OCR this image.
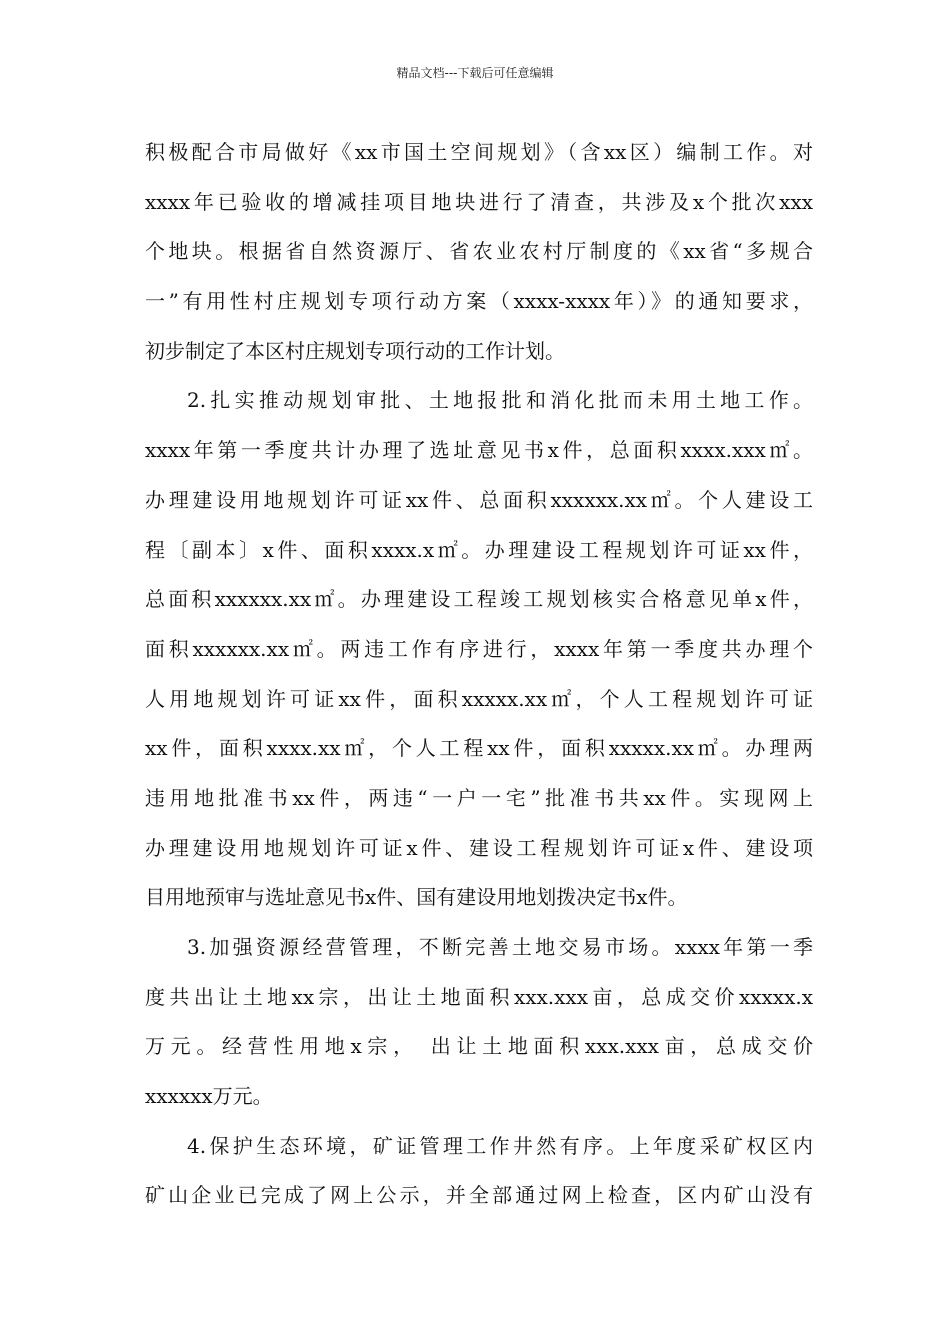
精品文档---下载后可任意编辑
积极配合市局做好《xx市国土空间规划》（含xx区）编制工作。对
xxxx年已验收的增减挂项目地块进行了清查，共涉及x个批次xxx
个地块。根据省自然资源厅、省农业农村厅制度的《xx省“多规合
一”有用性村庄规划专项行动方案（xxxx-xxxx年）》的通知要求，
初步制定了本区村庄规划专项行动的工作计划。
2.扎实推动规划审批、土地报批和消化批而未用土地工作。
xxxx年第一季度共计办理了选址意见书x件，总面积xxxx.xxx㎡。
办理建设用地规划许可证xx件、总面积xxxxxx.xx㎡。个人建设工
程〔副本〕x件、面积xxxx.x㎡。办理建设工程规划许可证xx件，
总面积xxxxxx.xx㎡。办理建设工程竣工规划核实合格意见单x件，
面积xxxxxx.xx㎡。两违工作有序进行，xxxx年第一季度共办理个
人用地规划许可证xx件，面积xxxxx.xx㎡，个人工程规划许可证
xx件，面积xxxx.xx㎡，个人工程xx件，面积xxxxx.xx㎡。办理两
违用地批准书xx件，两违“一户一宅”批准书共xx件。实现网上
办理建设用地规划许可证x件、建设工程规划许可证x件、建设项
目用地预审与选址意见书x件、国有建设用地划拨决定书x件。
3.加强资源经营管理，不断完善土地交易市场。xxxx年第一季
度共出让土地xx宗，出让土地面积xxx.xxx亩，总成交价xxxxx.x
万元。经营性用地x宗， 出让土地面积xxx.xxx亩，总成交价
xxxxxx万元。
4.保护生态环境，矿证管理工作井然有序。上年度采矿权区内
矿山企业已完成了网上公示，并全部通过网上检查，区内矿山没有
